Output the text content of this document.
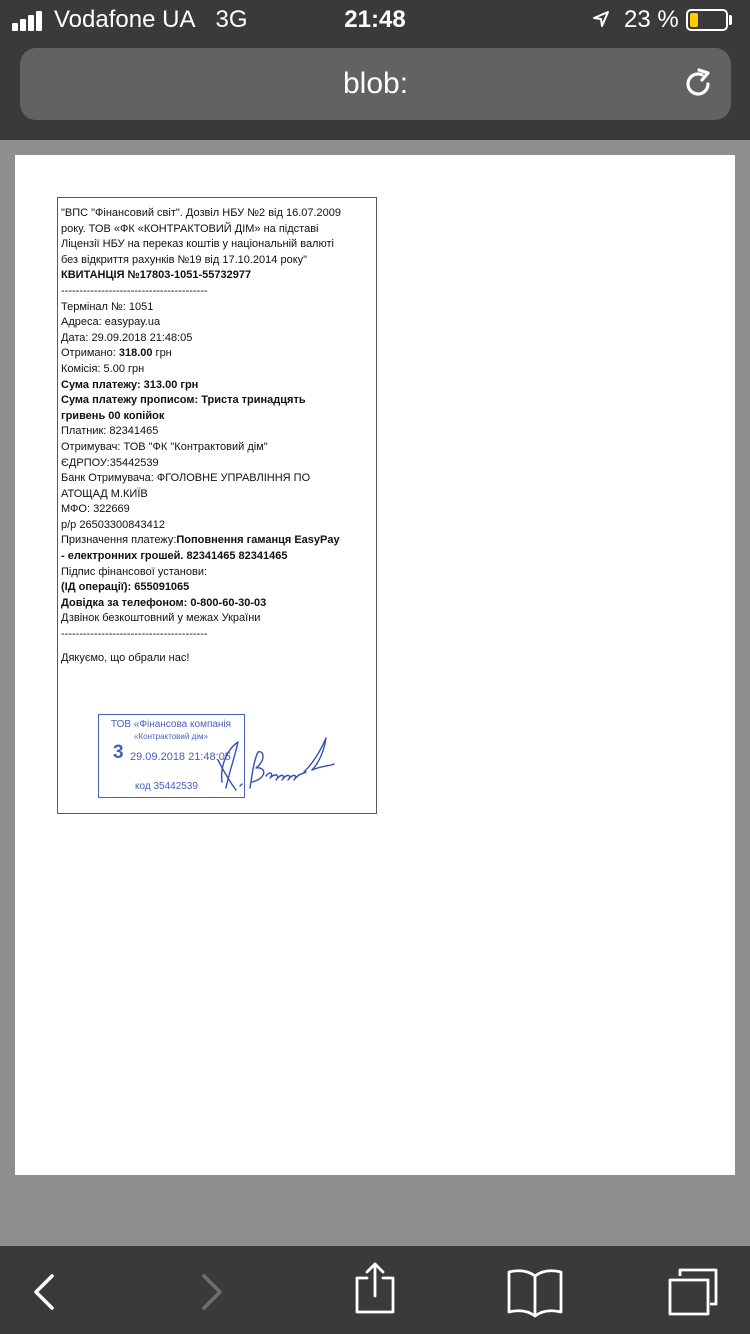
Vodafone UA 3G	21:48	23 %
blob:
"ВПС "Фінансовий світ". Дозвіл НБУ №2 від 16.07.2009
року. ТОВ «ФК «КОНТРАКТОВИЙ ДІМ» на підставі
Ліцензії НБУ на переказ коштів у національній валюті
без відкриття рахунків №19 від 17.10.2014 року"
КВИТАНЦІЯ №17803-1051-55732977
----------------------------------------
Термінал №: 1051
Адреса: easypay.ua
Дата: 29.09.2018 21:48:05
Отримано: 318.00 грн
Комісія: 5.00 грн
Сума платежу: 313.00 грн
Сума платежу прописом: Триста тринадцять
гривень 00 копійок
Платник: 82341465
Отримувач: ТОВ "ФК "Контрактовий дім"
ЄДРПОУ:35442539
Банк Отримувача: ФГОЛОВНЕ УПРАВЛІННЯ ПО
АТОЩАД М.КИЇВ
МФО: 322669
р/р 26503300843412
Призначення платежу:Поповнення гаманця EasyPay
- електронних грошей. 82341465 82341465
Підпис фінансової установи:
(ІД операції): 655091065
Довідка за телефоном: 0-800-60-30-03
Дзвінок безкоштовний у межах України
----------------------------------------
Дякуємо, що обрали нас!
ТОВ «Фінансова компанія
«Контрактовий дім»
3 29.09.2018 21:48:05
код 35442539
